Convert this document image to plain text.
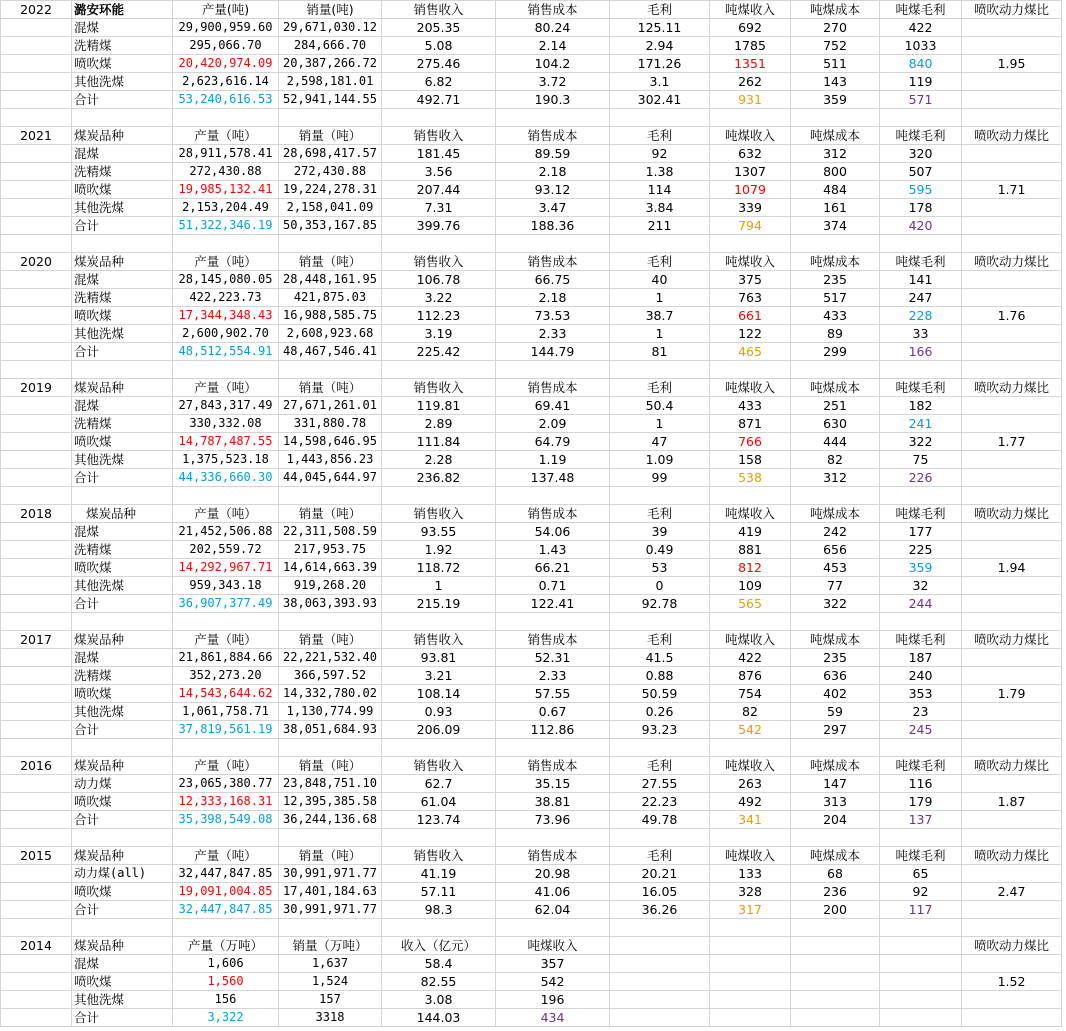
2022	潞安环能	产量(吨)	销量(吨)	销售收入	销售成本	毛利	吨煤收入	吨煤成本	吨煤毛利	喷吹动力煤比
	混煤	29,900,959.60	29,671,030.12	205.35	80.24	125.11	692	270	422	
	洗精煤	295,066.70	284,666.70	5.08	2.14	2.94	1785	752	1033	
	喷吹煤	20,420,974.09	20,387,266.72	275.46	104.2	171.26	1351	511	840	1.95
	其他洗煤	2,623,616.14	2,598,181.01	6.82	3.72	3.1	262	143	119	
	合计	53,240,616.53	52,941,144.55	492.71	190.3	302.41	931	359	571	

2021	煤炭品种	产量（吨）	销量（吨）	销售收入	销售成本	毛利	吨煤收入	吨煤成本	吨煤毛利	喷吹动力煤比
	混煤	28,911,578.41	28,698,417.57	181.45	89.59	92	632	312	320	
	洗精煤	272,430.88	272,430.88	3.56	2.18	1.38	1307	800	507	
	喷吹煤	19,985,132.41	19,224,278.31	207.44	93.12	114	1079	484	595	1.71
	其他洗煤	2,153,204.49	2,158,041.09	7.31	3.47	3.84	339	161	178	
	合计	51,322,346.19	50,353,167.85	399.76	188.36	211	794	374	420	

2020	煤炭品种	产量（吨）	销量（吨）	销售收入	销售成本	毛利	吨煤收入	吨煤成本	吨煤毛利	喷吹动力煤比
	混煤	28,145,080.05	28,448,161.95	106.78	66.75	40	375	235	141	
	洗精煤	422,223.73	421,875.03	3.22	2.18	1	763	517	247	
	喷吹煤	17,344,348.43	16,988,585.75	112.23	73.53	38.7	661	433	228	1.76
	其他洗煤	2,600,902.70	2,608,923.68	3.19	2.33	1	122	89	33	
	合计	48,512,554.91	48,467,546.41	225.42	144.79	81	465	299	166	

2019	煤炭品种	产量（吨）	销量（吨）	销售收入	销售成本	毛利	吨煤收入	吨煤成本	吨煤毛利	喷吹动力煤比
	混煤	27,843,317.49	27,671,261.01	119.81	69.41	50.4	433	251	182	
	洗精煤	330,332.08	331,880.78	2.89	2.09	1	871	630	241	
	喷吹煤	14,787,487.55	14,598,646.95	111.84	64.79	47	766	444	322	1.77
	其他洗煤	1,375,523.18	1,443,856.23	2.28	1.19	1.09	158	82	75	
	合计	44,336,660.30	44,045,644.97	236.82	137.48	99	538	312	226	

2018	煤炭品种	产量（吨）	销量（吨）	销售收入	销售成本	毛利	吨煤收入	吨煤成本	吨煤毛利	喷吹动力煤比
	混煤	21,452,506.88	22,311,508.59	93.55	54.06	39	419	242	177	
	洗精煤	202,559.72	217,953.75	1.92	1.43	0.49	881	656	225	
	喷吹煤	14,292,967.71	14,614,663.39	118.72	66.21	53	812	453	359	1.94
	其他洗煤	959,343.18	919,268.20	1	0.71	0	109	77	32	
	合计	36,907,377.49	38,063,393.93	215.19	122.41	92.78	565	322	244	

2017	煤炭品种	产量（吨）	销量（吨）	销售收入	销售成本	毛利	吨煤收入	吨煤成本	吨煤毛利	喷吹动力煤比
	混煤	21,861,884.66	22,221,532.40	93.81	52.31	41.5	422	235	187	
	洗精煤	352,273.20	366,597.52	3.21	2.33	0.88	876	636	240	
	喷吹煤	14,543,644.62	14,332,780.02	108.14	57.55	50.59	754	402	353	1.79
	其他洗煤	1,061,758.71	1,130,774.99	0.93	0.67	0.26	82	59	23	
	合计	37,819,561.19	38,051,684.93	206.09	112.86	93.23	542	297	245	

2016	煤炭品种	产量（吨）	销量（吨）	销售收入	销售成本	毛利	吨煤收入	吨煤成本	吨煤毛利	喷吹动力煤比
	动力煤	23,065,380.77	23,848,751.10	62.7	35.15	27.55	263	147	116	
	喷吹煤	12,333,168.31	12,395,385.58	61.04	38.81	22.23	492	313	179	1.87
	合计	35,398,549.08	36,244,136.68	123.74	73.96	49.78	341	204	137	

2015	煤炭品种	产量（吨）	销量（吨）	销售收入	销售成本	毛利	吨煤收入	吨煤成本	吨煤毛利	喷吹动力煤比
	动力煤(all)	32,447,847.85	30,991,971.77	41.19	20.98	20.21	133	68	65	
	喷吹煤	19,091,004.85	17,401,184.63	57.11	41.06	16.05	328	236	92	2.47
	合计	32,447,847.85	30,991,971.77	98.3	62.04	36.26	317	200	117	

2014	煤炭品种	产量（万吨）	销量（万吨）	收入（亿元）	吨煤收入					喷吹动力煤比
	混煤	1,606	1,637	58.4	357					
	喷吹煤	1,560	1,524	82.55	542					1.52
	其他洗煤	156	157	3.08	196					
	合计	3,322	3318	144.03	434					
